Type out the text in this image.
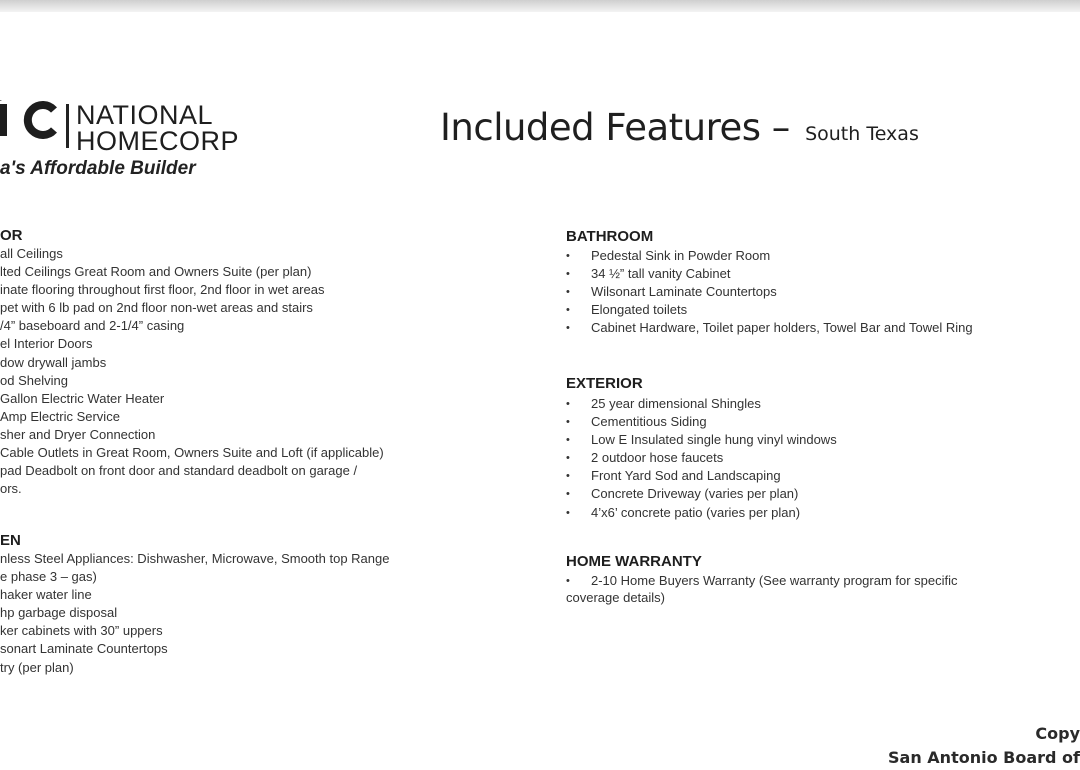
NATIONAL
HOMECORP
a's Affordable Builder
Included Features – South Texas
OR
all Ceilings
lted Ceilings Great Room and Owners Suite (per plan)
inate flooring throughout first floor, 2nd floor in wet areas
pet with 6 lb pad on 2nd floor non-wet areas and stairs
/4” baseboard and 2-1/4” casing
el Interior Doors
dow drywall jambs
od Shelving
Gallon Electric Water Heater
Amp Electric Service
sher and Dryer Connection
Cable Outlets in Great Room, Owners Suite and Loft (if applicable)
pad Deadbolt on front door and standard deadbolt on garage /
ors.
EN
nless Steel Appliances: Dishwasher, Microwave, Smooth top Range
e phase 3 – gas)
haker water line
hp garbage disposal
ker cabinets with 30” uppers
sonart Laminate Countertops
try (per plan)
BATHROOM
• Pedestal Sink in Powder Room
• 34 ½” tall vanity Cabinet
• Wilsonart Laminate Countertops
• Elongated toilets
• Cabinet Hardware, Toilet paper holders, Towel Bar and Towel Ring
EXTERIOR
• 25 year dimensional Shingles
• Cementitious Siding
• Low E Insulated single hung vinyl windows
• 2 outdoor hose faucets
• Front Yard Sod and Landscaping
• Concrete Driveway (varies per plan)
• 4’x6’ concrete patio (varies per plan)
HOME WARRANTY
• 2-10 Home Buyers Warranty (See warranty program for specific
coverage details)
Copy
San Antonio Board of
